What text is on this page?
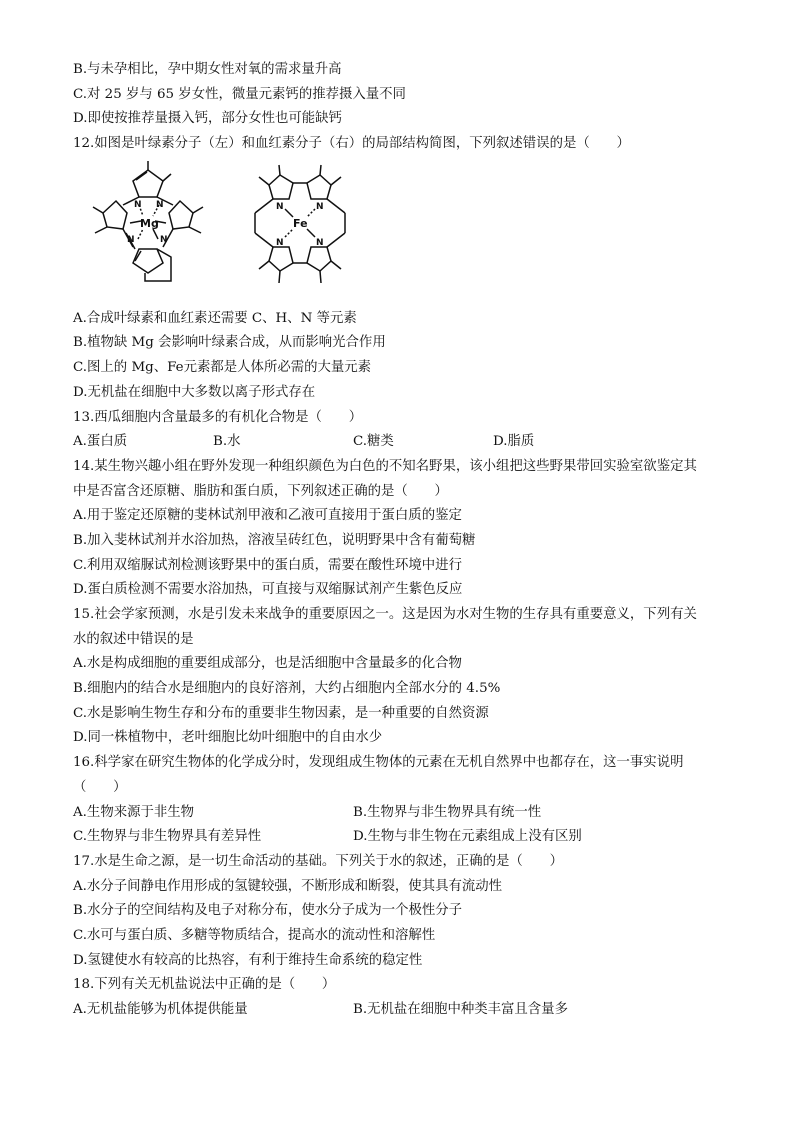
B.与未孕相比，孕中期女性对氧的需求量升高
C.对 25 岁与 65 岁女性，微量元素钙的推荐摄入量不同
D.即使按推荐量摄入钙，部分女性也可能缺钙
12.如图是叶绿素分子（左）和血红素分子（右）的局部结构简图，下列叙述错误的是（　　）
N N
Mg
N	N
N	N
Fe
N	N
A.合成叶绿素和血红素还需要 C、H、N 等元素
B.植物缺 Mg 会影响叶绿素合成，从而影响光合作用
C.图上的 Mg、Fe元素都是人体所必需的大量元素
D.无机盐在细胞中大多数以离子形式存在
13.西瓜细胞内含量最多的有机化合物是（　　）
A.蛋白质	B.水	C.糖类	D.脂质
14.某生物兴趣小组在野外发现一种组织颜色为白色的不知名野果，该小组把这些野果带回实验室欲鉴定其
中是否富含还原糖、脂肪和蛋白质，下列叙述正确的是（　　）
A.用于鉴定还原糖的斐林试剂甲液和乙液可直接用于蛋白质的鉴定
B.加入斐林试剂并水浴加热，溶液呈砖红色，说明野果中含有葡萄糖
C.利用双缩脲试剂检测该野果中的蛋白质，需要在酸性环境中进行
D.蛋白质检测不需要水浴加热，可直接与双缩脲试剂产生紫色反应
15.社会学家预测，水是引发未来战争的重要原因之一。这是因为水对生物的生存具有重要意义，下列有关
水的叙述中错误的是
A.水是构成细胞的重要组成部分，也是活细胞中含量最多的化合物
B.细胞内的结合水是细胞内的良好溶剂，大约占细胞内全部水分的 4.5%
C.水是影响生物生存和分布的重要非生物因素，是一种重要的自然资源
D.同一株植物中，老叶细胞比幼叶细胞中的自由水少
16.科学家在研究生物体的化学成分时，发现组成生物体的元素在无机自然界中也都存在，这一事实说明
（　　）
A.生物来源于非生物	B.生物界与非生物界具有统一性
C.生物界与非生物界具有差异性	D.生物与非生物在元素组成上没有区别
17.水是生命之源，是一切生命活动的基础。下列关于水的叙述，正确的是（　　）
A.水分子间静电作用形成的氢键较强，不断形成和断裂，使其具有流动性
B.水分子的空间结构及电子对称分布，使水分子成为一个极性分子
C.水可与蛋白质、多糖等物质结合，提高水的流动性和溶解性
D.氢键使水有较高的比热容，有利于维持生命系统的稳定性
18.下列有关无机盐说法中正确的是（　　）
A.无机盐能够为机体提供能量	B.无机盐在细胞中种类丰富且含量多
